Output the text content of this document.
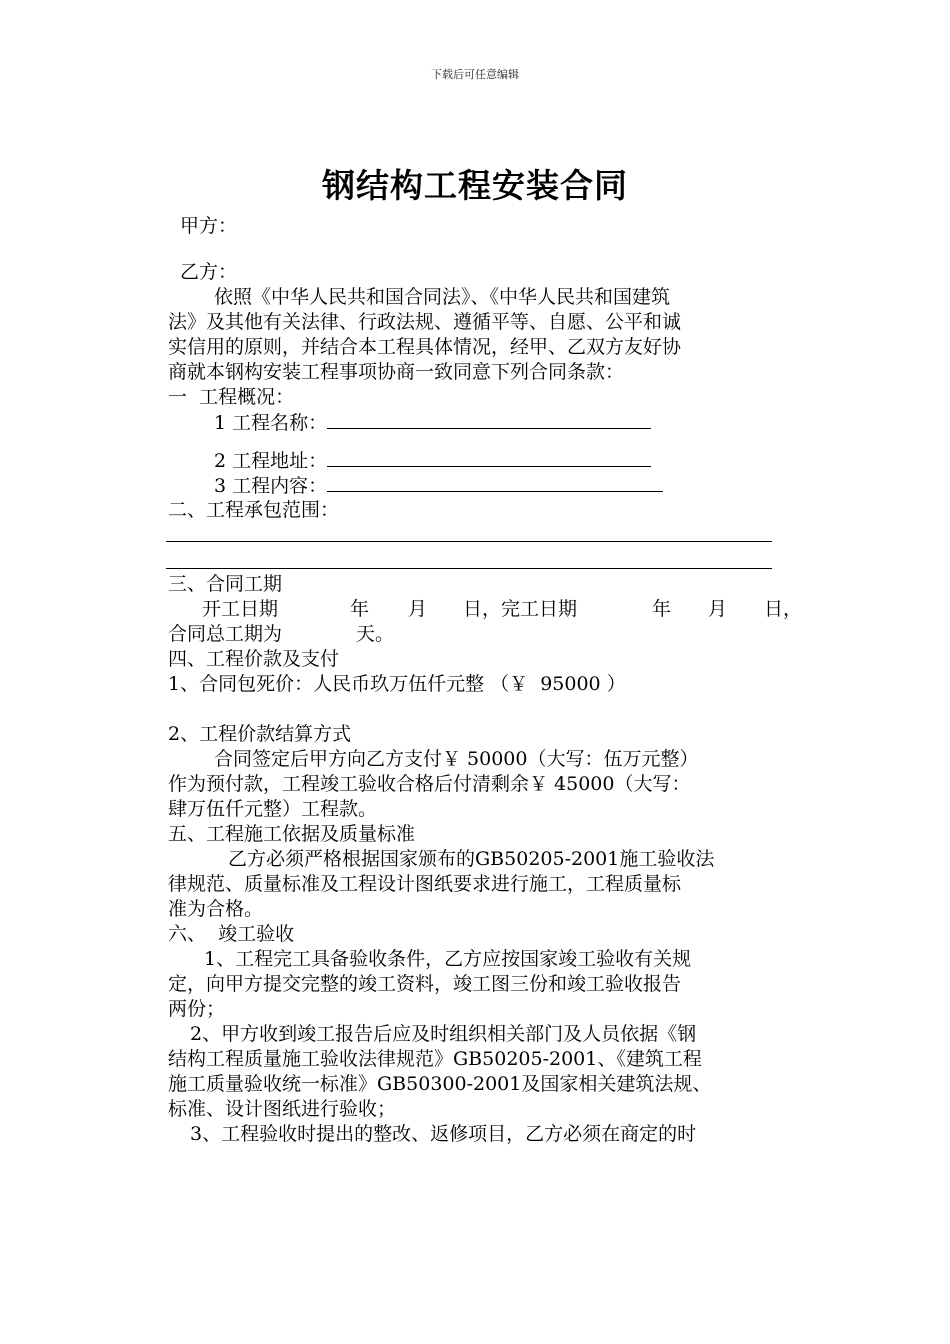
下载后可任意编辑
钢结构工程安装合同
甲方：
乙方：
依照《中华人民共和国合同法》、《中华人民共和国建筑
法》及其他有关法律、行政法规、遵循平等、自愿、公平和诚
实信用的原则，并结合本工程具体情况，经甲、乙双方友好协
商就本钢构安装工程事项协商一致同意下列合同条款：
一  工程概况：
1 工程名称：
2 工程地址：
3 工程内容：
二、工程承包范围：
三、合同工期
开工日期	年 月 日，完工日期	年 月 日，
合同总工期为	天。
四、工程价款及支付
1、合同包死价：人民币玖万伍仟元整 （￥  95000 ）
2、工程价款结算方式
合同签定后甲方向乙方支付￥ 50000（大写：伍万元整）
作为预付款，工程竣工验收合格后付清剩余￥ 45000（大写：
肆万伍仟元整）工程款。
五、工程施工依据及质量标准
乙方必须严格根据国家颁布的GB50205-2001施工验收法
律规范、质量标准及工程设计图纸要求进行施工，工程质量标
准为合格。
六、  竣工验收
1、工程完工具备验收条件，乙方应按国家竣工验收有关规
定，向甲方提交完整的竣工资料，竣工图三份和竣工验收报告
两份；
2、甲方收到竣工报告后应及时组织相关部门及人员依据《钢
结构工程质量施工验收法律规范》GB50205-2001、《建筑工程
施工质量验收统一标准》GB50300-2001及国家相关建筑法规、
标准、设计图纸进行验收；
3、工程验收时提出的整改、返修项目，乙方必须在商定的时
